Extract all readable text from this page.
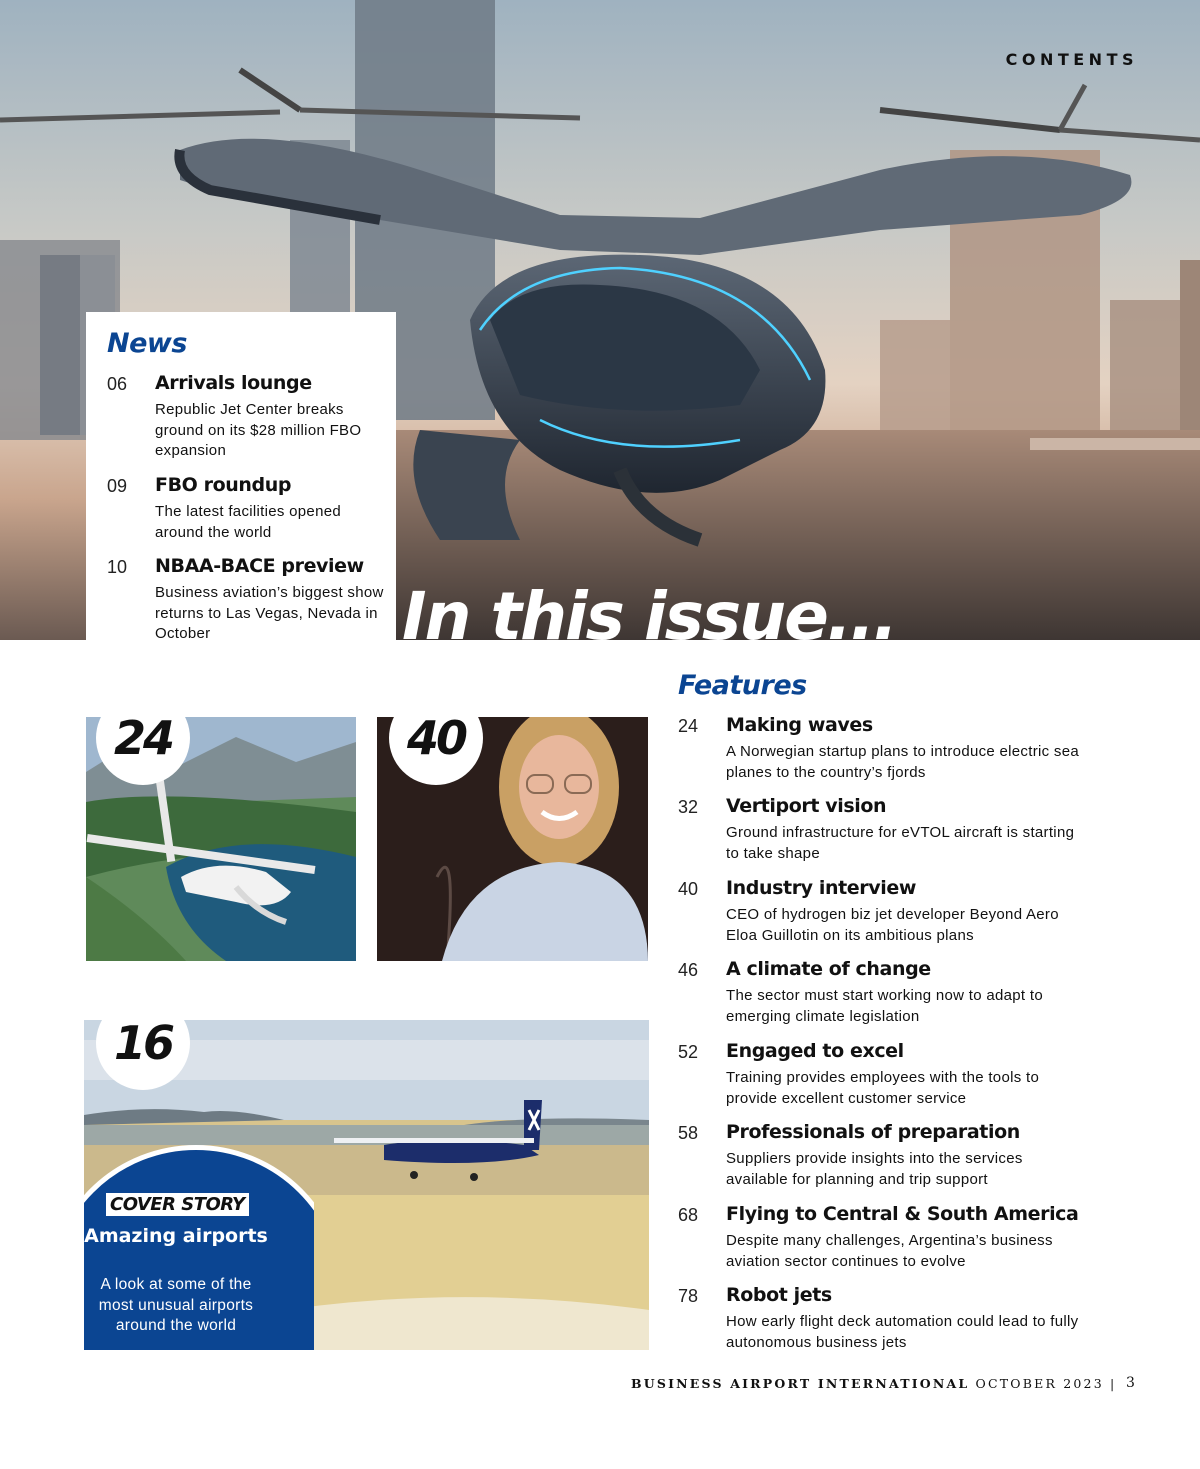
CONTENTS
In this issue...
News
06 Arrivals lounge
Republic Jet Center breaks ground on its $28 million FBO expansion
09 FBO roundup
The latest facilities opened around the world
10 NBAA-BACE preview
Business aviation’s biggest show returns to Las Vegas, Nevada in October
24	40
16
COVER STORY
Amazing airports
A look at some of the most unusual airports around the world
Features
24 Making waves
A Norwegian startup plans to introduce electric sea planes to the country’s fjords
32 Vertiport vision
Ground infrastructure for eVTOL aircraft is starting to take shape
40 Industry interview
CEO of hydrogen biz jet developer Beyond Aero Eloa Guillotin on its ambitious plans
46 A climate of change
The sector must start working now to adapt to emerging climate legislation
52 Engaged to excel
Training provides employees with the tools to provide excellent customer service
58 Professionals of preparation
Suppliers provide insights into the services available for planning and trip support
68 Flying to Central & South America
Despite many challenges, Argentina’s business aviation sector continues to evolve
78 Robot jets
How early flight deck automation could lead to fully autonomous business jets
BUSINESS AIRPORT INTERNATIONAL OCTOBER 2023 | 3
